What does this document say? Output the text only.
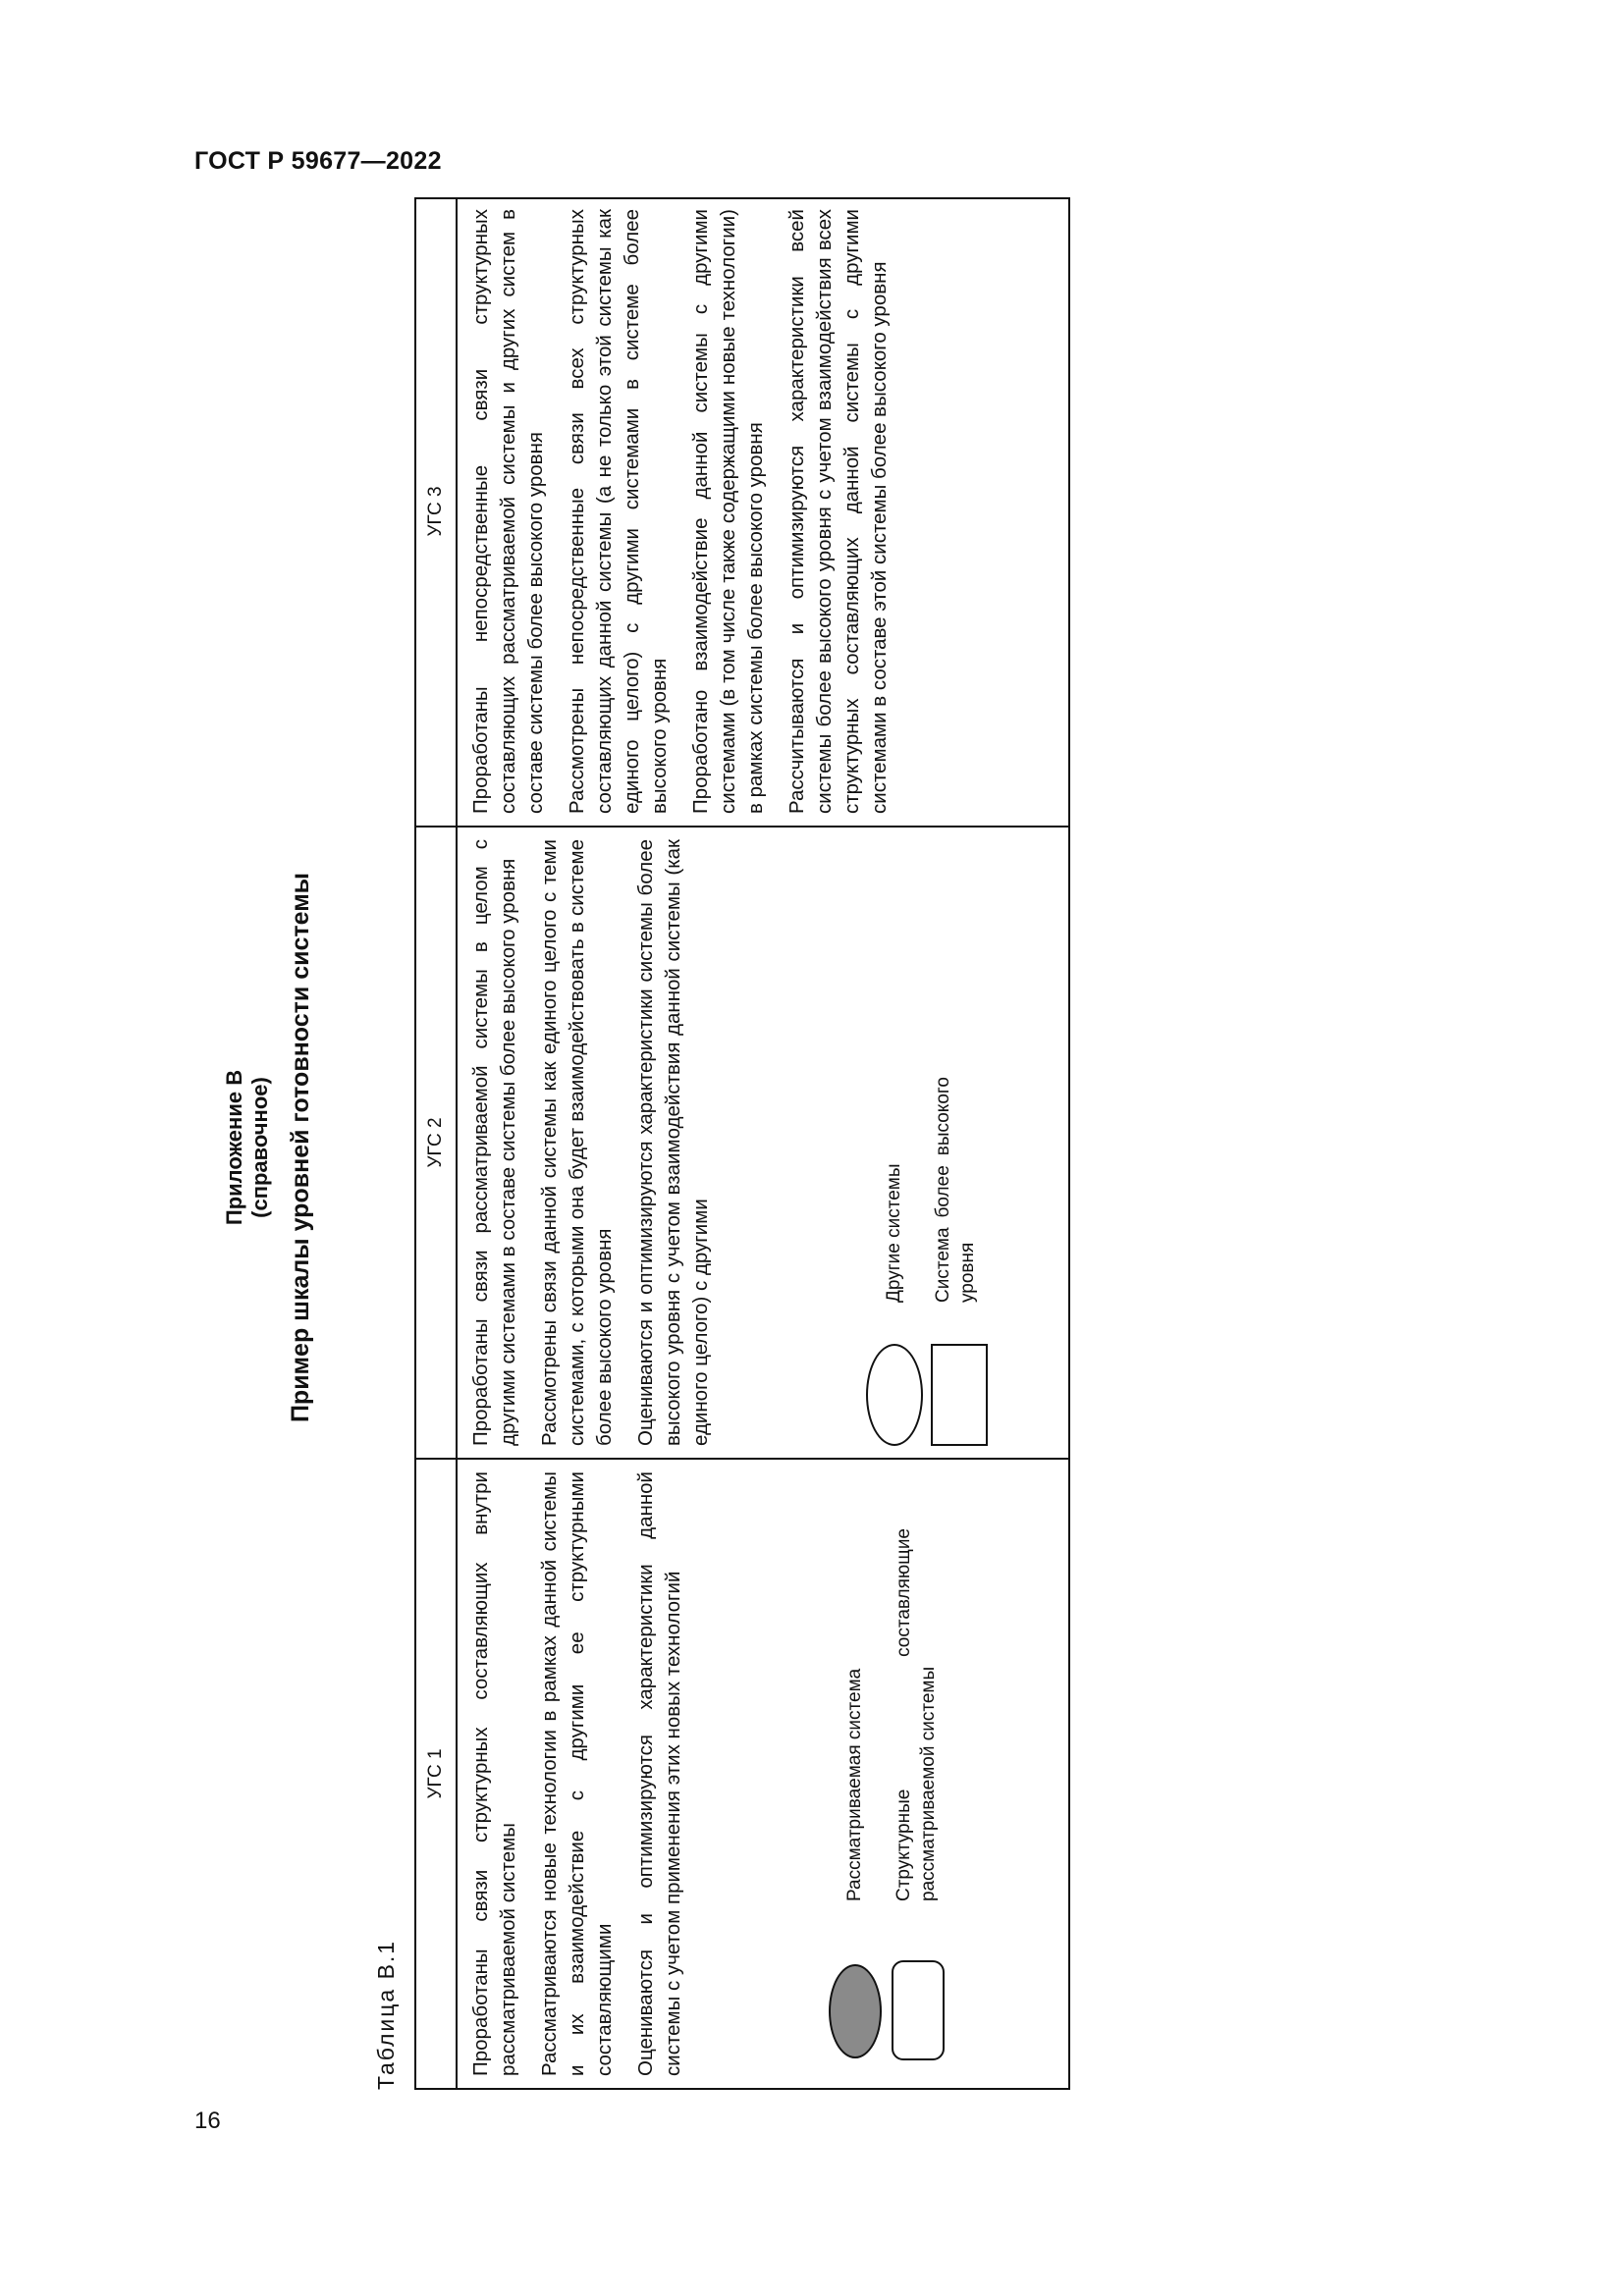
ГОСТ Р 59677—2022
16
Приложение В (справочное) Пример шкалы уровней готовности системы
Таблица В.1
УГС 1
УГС 2
УГС 3

Проработаны связи структурных составляющих внутри рассматриваемой системы Рассматриваются новые технологии в рамках данной системы и их взаимодействие с другими ее структурными составляющими Оцениваются и оптимизируются характеристики данной системы с учетом применения этих новых технологий	Рассматриваемая система Структурные составляющие рассматриваемой системы

Проработаны связи рассматриваемой системы в целом с другими системами в составе системы более высокого уровня Рассмотрены связи данной системы как единого целого с теми системами, с которыми она будет взаимодействовать в системе более высокого уровня Оцениваются и оптимизируются характеристики системы более высокого уровня с учетом взаимодействия данной системы (как единого целого) с другими	Другие системы Система более высокого уровня

Проработаны непосредственные связи структурных составляющих рассматриваемой системы и других систем в составе системы более высокого уровня Рассмотрены непосредственные связи всех структурных составляющих данной системы (а не только этой системы как единого целого) с другими системами в системе более высокого уровня Проработано взаимодействие данной системы с другими системами (в том числе также содержащими новые технологии) в рамках системы более высокого уровня Рассчитываются и оптимизируются характеристики всей системы более высокого уровня с учетом взаимодействия всех структурных составляющих данной системы с другими системами в составе этой системы более высокого уровня
